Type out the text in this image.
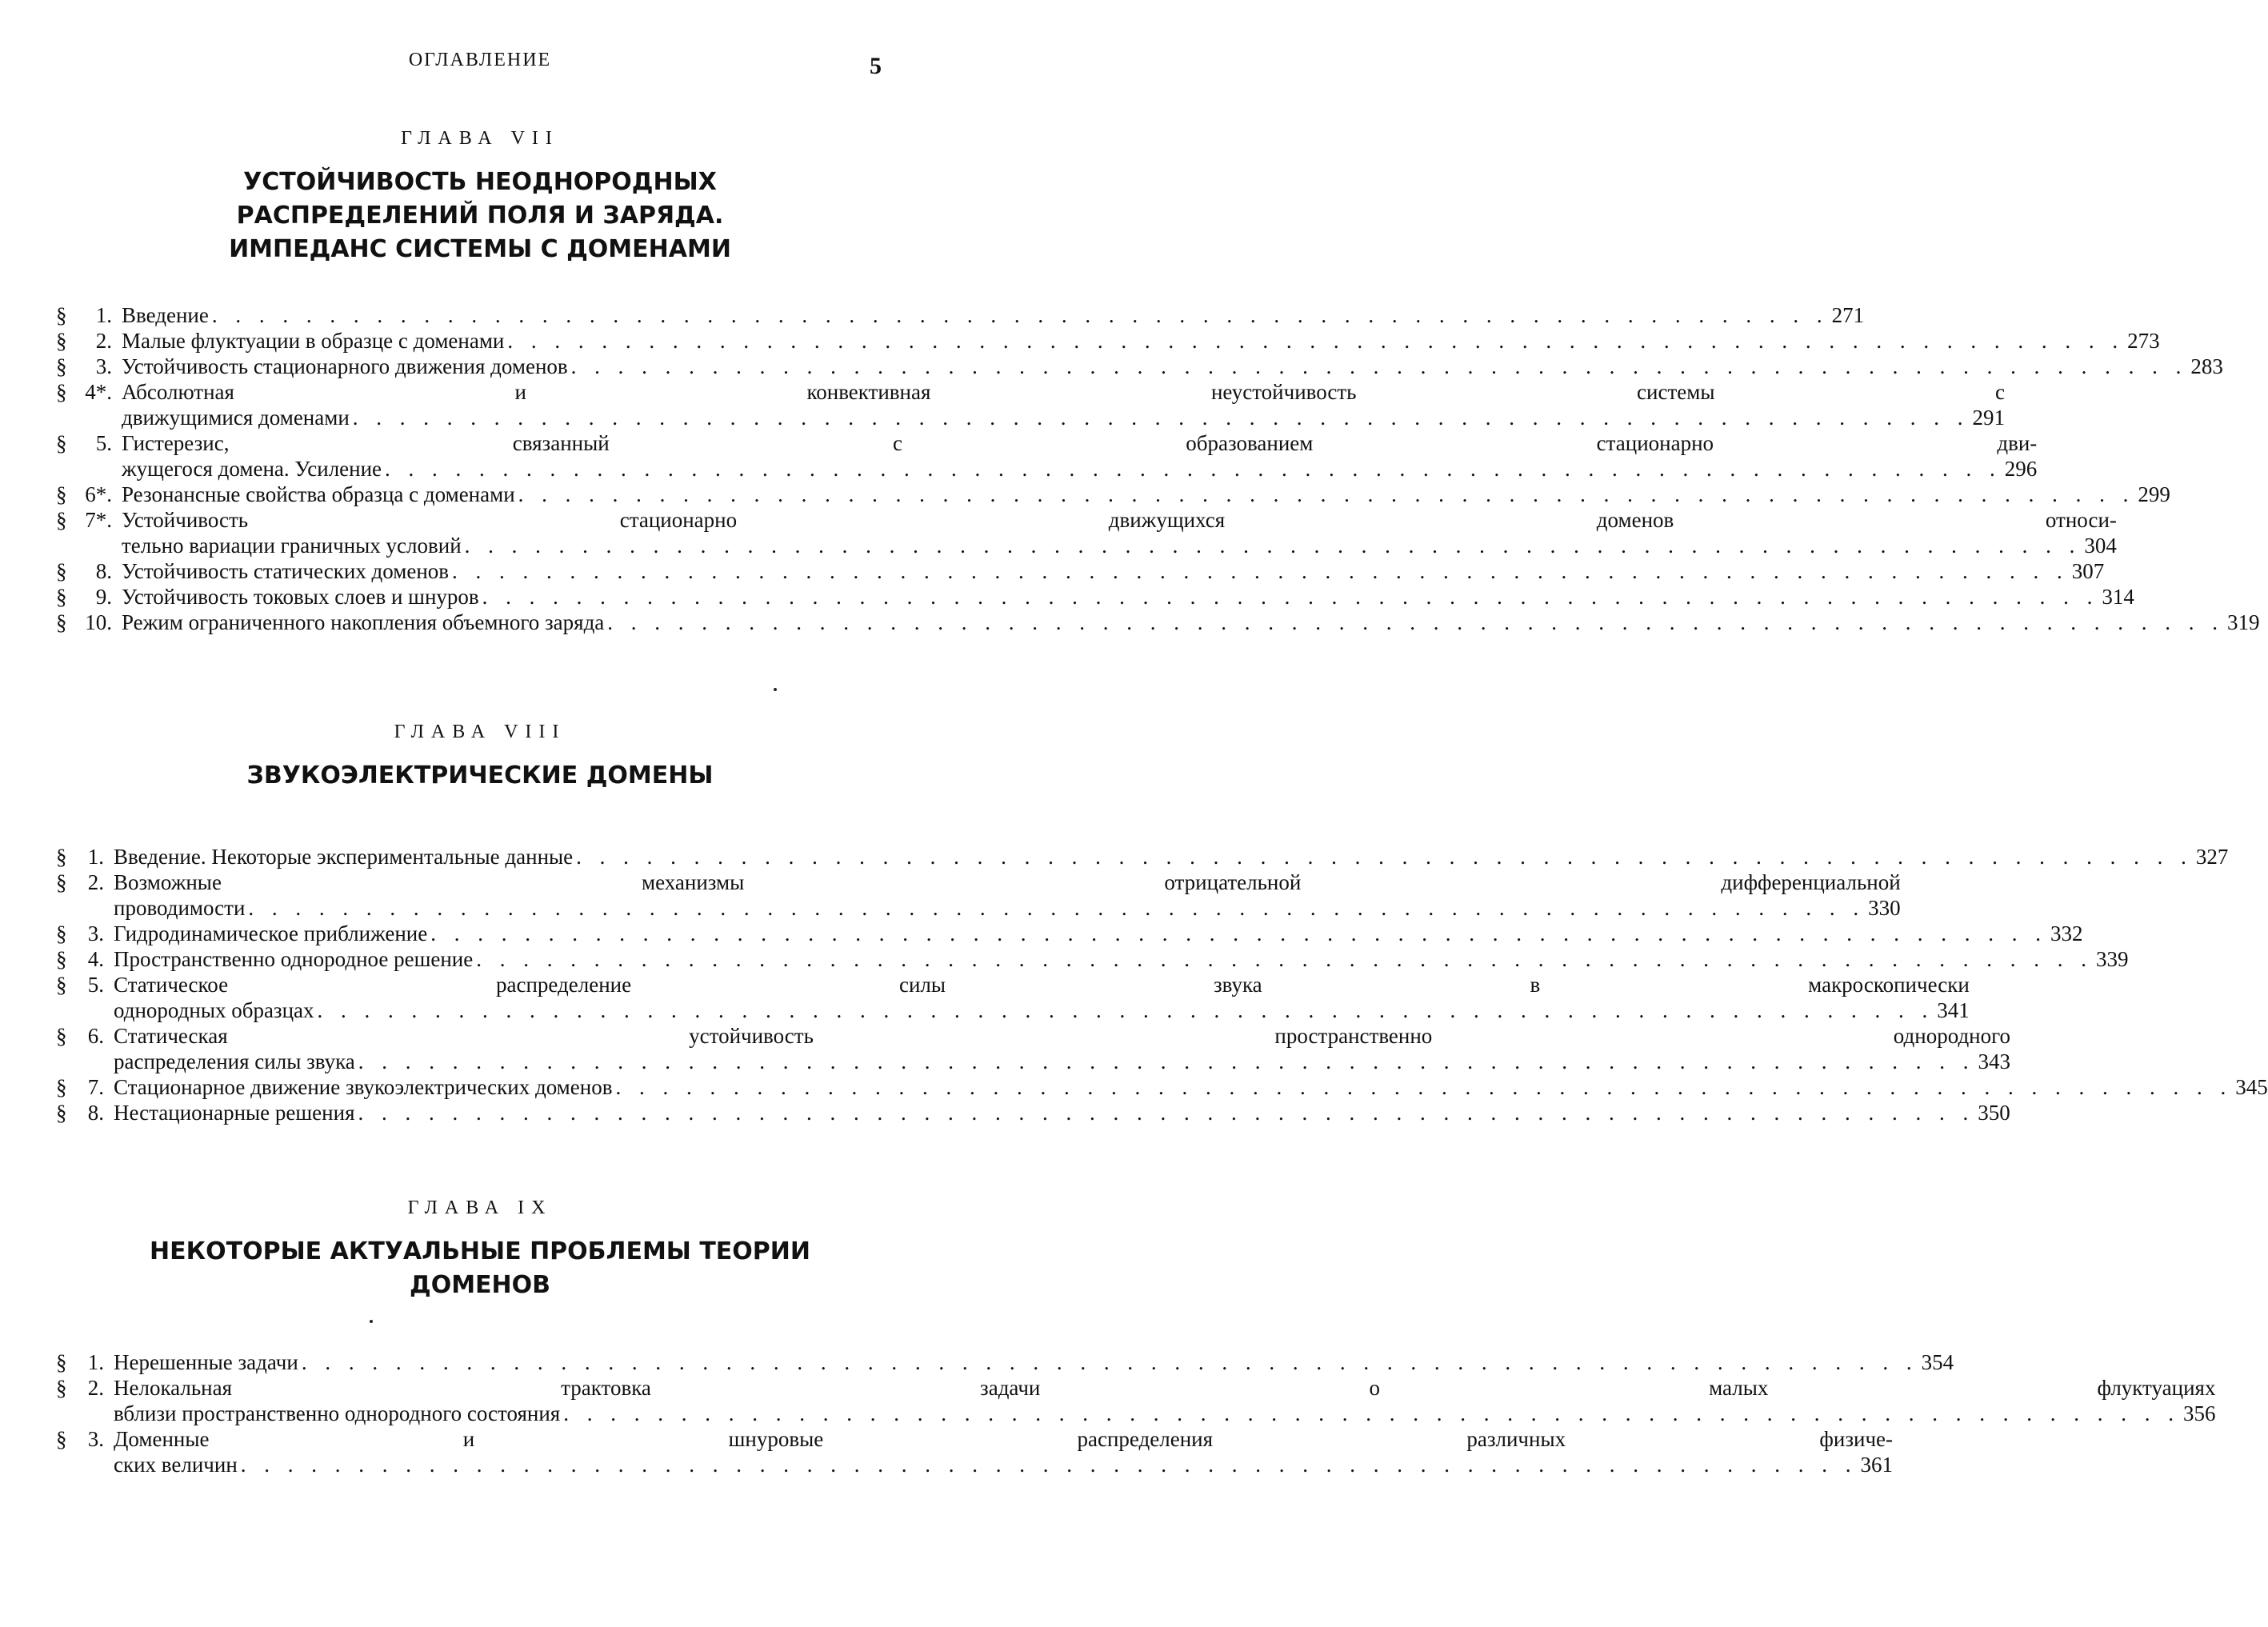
ОГЛАВЛЕНИЕ	5
ГЛАВА VII
УСТОЙЧИВОСТЬ НЕОДНОРОДНЫХ
РАСПРЕДЕЛЕНИЙ ПОЛЯ И ЗАРЯДА.
ИМПЕДАНС СИСТЕМЫ С ДОМЕНАМИ
§	1. Введение . . .	271
§	2. Малые флуктуации в образце с доменами . . .	273
§	3. Устойчивость стационарного движения доменов . . .	283
§ 4*. Абсолютная и конвективная неустойчивость системы с
движущимися доменами . . .	291
§	5. Гистерезис, связанный с образованием стационарно дви-
жущегося домена. Усиление . . .	296
§ 6*. Резонансные свойства образца с доменами . . .	299
§ 7*. Устойчивость стационарно движущихся доменов относи-
тельно вариации граничных условий . . .	304
§	8. Устойчивость статических доменов . . .	307
§	9. Устойчивость токовых слоев и шнуров . . .	314
§ 10. Режим ограниченного накопления объемного заряда . . .	319
ГЛАВА VIII
ЗВУКОЭЛЕКТРИЧЕСКИЕ ДОМЕНЫ
§ 1. Введение. Некоторые экспериментальные данные . . .	327
§ 2. Возможные механизмы отрицательной дифференциальной
проводимости . . .	330
§ 3. Гидродинамическое приближение . . .	332
§ 4. Пространственно однородное решение . . .	339
§ 5. Статическое распределение силы звука в макроскопически
однородных образцах . . .	341
§ 6. Статическая устойчивость пространственно однородного
распределения силы звука . . .	343
§ 7. Стационарное движение звукоэлектрических доменов . . .	345
§ 8. Нестационарные решения . . .	350
ГЛАВА IX
НЕКОТОРЫЕ АКТУАЛЬНЫЕ ПРОБЛЕМЫ ТЕОРИИ
ДОМЕНОВ
§ 1. Нерешенные задачи . . .	354
§ 2. Нелокальная трактовка задачи о малых флуктуациях
вблизи пространственно однородного состояния . . .	356
§ 3. Доменные и шнуровые распределения различных физиче-
ских величин . . .	361
